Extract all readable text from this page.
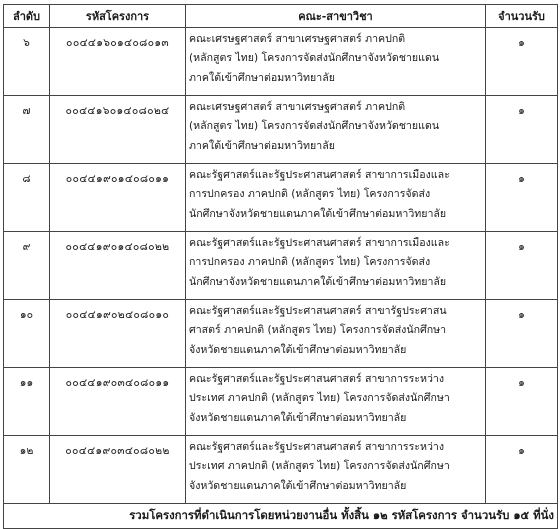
ลำดับ	รหัสโครงการ	คณะ-สาขาวิชา	จำนวนรับ
๖	๐๐๔๔๑๖๐๑๔๐๘๐๑๓	คณะเศรษฐศาสตร์ สาขาเศรษฐศาสตร์ ภาคปกติ
(หลักสูตร ไทย) โครงการจัดส่งนักศึกษาจังหวัดชายแดน
ภาคใต้เข้าศึกษาต่อมหาวิทยาลัย	๑
๗	๐๐๔๔๑๖๐๑๔๐๘๐๒๔	คณะเศรษฐศาสตร์ สาขาเศรษฐศาสตร์ ภาคปกติ
(หลักสูตร ไทย) โครงการจัดส่งนักศึกษาจังหวัดชายแดน
ภาคใต้เข้าศึกษาต่อมหาวิทยาลัย	๑
๘	๐๐๔๔๑๙๐๑๔๐๘๐๑๑	คณะรัฐศาสตร์และรัฐประศาสนศาสตร์ สาขาการเมืองและ
การปกครอง ภาคปกติ (หลักสูตร ไทย) โครงการจัดส่ง
นักศึกษาจังหวัดชายแดนภาคใต้เข้าศึกษาต่อมหาวิทยาลัย	๑
๙	๐๐๔๔๑๙๐๑๔๐๘๐๒๒	คณะรัฐศาสตร์และรัฐประศาสนศาสตร์ สาขาการเมืองและ
การปกครอง ภาคปกติ (หลักสูตร ไทย) โครงการจัดส่ง
นักศึกษาจังหวัดชายแดนภาคใต้เข้าศึกษาต่อมหาวิทยาลัย	๑
๑๐	๐๐๔๔๑๙๐๒๔๐๘๐๑๐	คณะรัฐศาสตร์และรัฐประศาสนศาสตร์ สาขารัฐประศาสน
ศาสตร์ ภาคปกติ (หลักสูตร ไทย) โครงการจัดส่งนักศึกษา
จังหวัดชายแดนภาคใต้เข้าศึกษาต่อมหาวิทยาลัย	๑
๑๑	๐๐๔๔๑๙๐๓๔๐๘๐๑๑	คณะรัฐศาสตร์และรัฐประศาสนศาสตร์ สาขาการระหว่าง
ประเทศ ภาคปกติ (หลักสูตร ไทย) โครงการจัดส่งนักศึกษา
จังหวัดชายแดนภาคใต้เข้าศึกษาต่อมหาวิทยาลัย	๑
๑๒	๐๐๔๔๑๙๐๓๔๐๘๐๒๒	คณะรัฐศาสตร์และรัฐประศาสนศาสตร์ สาขาการระหว่าง
ประเทศ ภาคปกติ (หลักสูตร ไทย) โครงการจัดส่งนักศึกษา
จังหวัดชายแดนภาคใต้เข้าศึกษาต่อมหาวิทยาลัย	๑
รวมโครงการที่ดำเนินการโดยหน่วยงานอื่น ทั้งสิ้น ๑๒ รหัสโครงการ จำนวนรับ ๑๕ ที่นั่ง			
